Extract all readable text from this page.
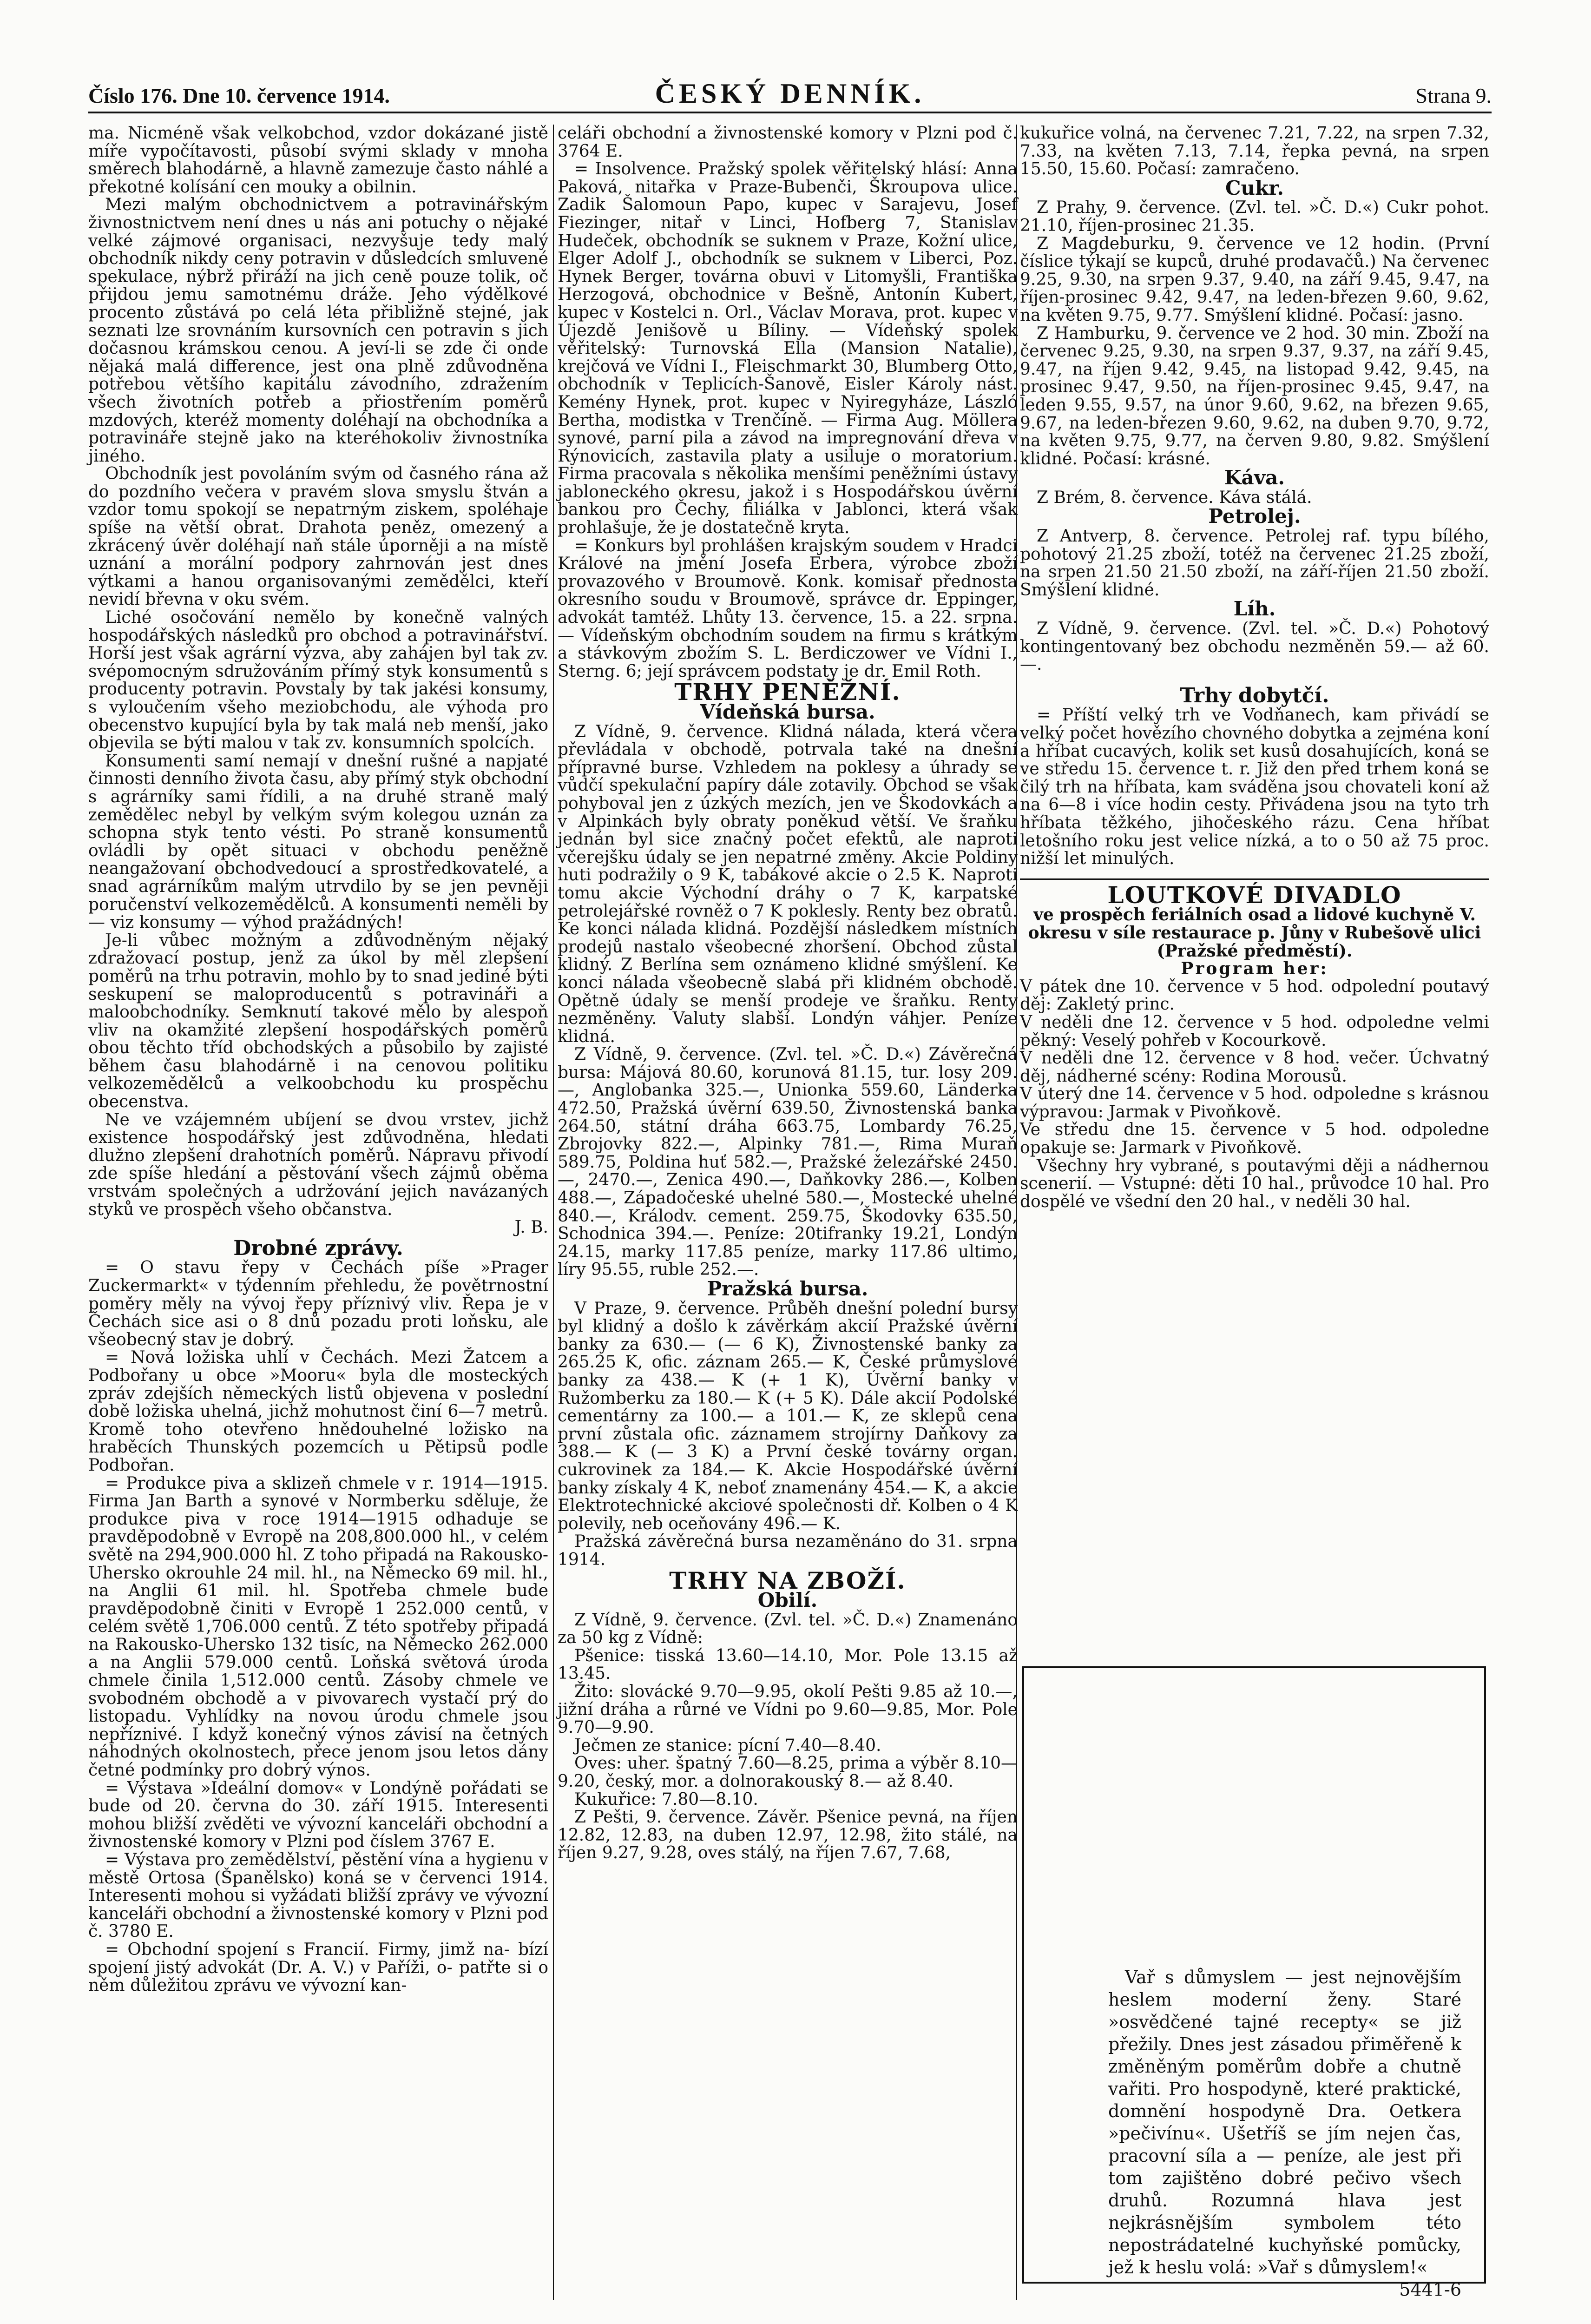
Číslo 176. Dne 10. července 1914.	ČESKÝ DENNÍK.	Strana 9.

ma. Nicméně však velkobchod, vzdor dokázané jistě míře vypočítavosti, působí svými sklady v mnoha směrech blahodárně, a hlavně zamezuje často náhlé a překotné kolísání cen mouky a obilnin.

Mezi malým obchodnictvem a potravinářským živnostnictvem není dnes u nás ani potuchy o nějaké velké zájmové organisaci, nezvyšuje tedy malý obchodník nikdy ceny potravin v důsledcích smluvené spekulace, nýbrž přiráží na jich ceně pouze tolik, oč přijdou jemu samotnému dráže. Jeho výdělkové procento zůstává po celá léta přibližně stejné, jak seznati lze srovnáním kursovních cen potravin s jich dočasnou krámskou cenou. A jeví-li se zde či onde nějaká malá difference, jest ona plně zdůvodněna potřebou většího kapitálu závodního, zdražením všech životních potřeb a přiostřením poměrů mzdových, kteréž momenty doléhají na obchodníka a potravináře stejně jako na kteréhokoliv živnostníka jiného.

Obchodník jest povoláním svým od časného rána až do pozdního večera v pravém slova smyslu štván a vzdor tomu spokojí se nepatrným ziskem, spoléhaje spíše na větší obrat. Drahota peněz, omezený a zkrácený úvěr doléhají naň stále úporněji a na místě uznání a morální podpory zahrnován jest dnes výtkami a hanou organisovanými zemědělci, kteří nevidí břevna v oku svém.

Liché osočování nemělo by konečně valných hospodářských následků pro obchod a potravinářství. Horší jest však agrární výzva, aby zahájen byl tak zv. svépomocným sdružováním přímý styk konsumentů s producenty potravin. Povstaly by tak jakési konsumy, s vyloučením všeho meziobchodu, ale výhoda pro obecenstvo kupující byla by tak malá neb menší, jako objevila se býti malou v tak zv. konsumních spolcích.

Konsumenti samí nemají v dnešní rušné a napjaté činnosti denního života času, aby přímý styk obchodní s agrárníky sami řídili, a na druhé straně malý zemědělec nebyl by velkým svým kolegou uznán za schopna styk tento vésti. Po straně konsumentů ovládli by opět situaci v obchodu peněžně neangažovaní obchodvedoucí a sprostředkovatelé, a snad agrárníkům malým utrvdilo by se jen pevněji poručenství velkozemědělců. A konsumenti neměli by — viz konsumy — výhod pražádných!

Je-li vůbec možným a zdůvodněným nějaký zdražovací postup, jenž za úkol by měl zlepšení poměrů na trhu potravin, mohlo by to snad jediné býti seskupení se maloproducentů s potravináři a maloobchodníky. Semknutí takové mělo by alespoň vliv na okamžité zlepšení hospodářských poměrů obou těchto tříd obchodských a působilo by zajisté během času blahodárně i na cenovou politiku velkozemědělců a velkoobchodu ku prospěchu obecenstva.

Ne ve vzájemném ubíjení se dvou vrstev, jichž existence hospodářský jest zdůvodněna, hledati dlužno zlepšení drahotních poměrů. Nápravu přivodí zde spíše hledání a pěstování všech zájmů oběma vrstvám společných a udržování jejich navázaných styků ve prospěch všeho občanstva.

J. B.
Drobné zprávy.

= O stavu řepy v Čechách píše »Prager Zuckermarkt« v týdenním přehledu, že povětrnostní poměry měly na vývoj řepy příznivý vliv. Řepa je v Čechách sice asi o 8 dnů pozadu proti loňsku, ale všeobecný stav je dobrý.

= Nová ložiska uhlí v Čechách. Mezi Žatcem a Podbořany u obce »Mooru« byla dle mosteckých zpráv zdejších německých listů objevena v poslední době ložiska uhelná, jichž mohutnost činí 6—7 metrů. Kromě toho otevřeno hnědouhelné ložisko na hraběcích Thunských pozemcích u Pětipsů podle Podbořan.

= Produkce piva a sklizeň chmele v r. 1914—1915. Firma Jan Barth a synové v Normberku sděluje, že produkce piva v roce 1914—1915 odhaduje se pravděpodobně v Evropě na 208,800.000 hl., v celém světě na 294,900.000 hl. Z toho připadá na Rakousko-Uhersko okrouhle 24 mil. hl., na Německo 69 mil. hl., na Anglii 61 mil. hl. Spotřeba chmele bude pravděpodobně činiti v Evropě 1 252.000 centů, v celém světě 1,706.000 centů. Z této spotřeby připadá na Rakousko-Uhersko 132 tisíc, na Německo 262.000 a na Anglii 579.000 centů. Loňská světová úroda chmele činila 1,512.000 centů. Zásoby chmele ve svobodném obchodě a v pivovarech vystačí prý do listopadu. Vyhlídky na novou úrodu chmele jsou nepříznivé. I když konečný výnos závisí na četných náhodných okolnostech, přece jenom jsou letos dány četné podmínky pro dobrý výnos.

= Výstava »Ideální domov« v Londýně pořádati se bude od 20. června do 30. září 1915. Interesenti mohou bližší zvěděti ve vývozní kanceláři obchodní a živnostenské komory v Plzni pod číslem 3767 E.

= Výstava pro zemědělství, pěstění vína a hygienu v městě Ortosa (Španělsko) koná se v červenci 1914. Interesenti mohou si vyžádati bližší zprávy ve vývozní kanceláři obchodní a živnostenské komory v Plzni pod č. 3780 E.

= Obchodní spojení s Francií. Firmy, jimž na- bízí spojení jistý advokát (Dr. A. V.) v Paříži, o- patřte si o něm důležitou zprávu ve vývozní kan-

celáři obchodní a živnostenské komory v Plzni pod č. 3764 E.

= Insolvence. Pražský spolek věřitelský hlásí: Anna Paková, nitařka v Praze-Bubenči, Škroupova ulice. Zadik Šalomoun Papo, kupec v Sarajevu, Josef Fiezinger, nitař v Linci, Hofberg 7, Stanislav Hudeček, obchodník se suknem v Praze, Kožní ulice, Elger Adolf J., obchodník se suknem v Liberci, Poz. Hynek Berger, továrna obuvi v Litomyšli, Františka Herzogová, obchodnice v Bešně, Antonín Kubert, kupec v Kostelci n. Orl., Václav Morava, prot. kupec v Újezdě Jenišově u Bíliny. — Vídeňský spolek věřitelský: Turnovská Ella (Mansion Natalie), krejčová ve Vídni I., Fleischmarkt 30, Blumberg Otto, obchodník v Teplicích-Šanově, Eisler Károly nást. Kemény Hynek, prot. kupec v Nyiregyháze, László Bertha, modistka v Trenčíně. — Firma Aug. Möllera synové, parní pila a závod na impregnování dřeva v Rýnovicích, zastavila platy a usiluje o moratorium. Firma pracovala s několika menšími peněžními ústavy jabloneckého okresu, jakož i s Hospodářskou úvěrní bankou pro Čechy, filiálka v Jablonci, která však prohlašuje, že je dostatečně kryta.

= Konkurs byl prohlášen krajským soudem v Hradci Králové na jmění Josefa Erbera, výrobce zboží provazového v Broumově. Konk. komisař přednosta okresního soudu v Broumově, správce dr. Eppinger, advokát tamtéž. Lhůty 13. července, 15. a 22. srpna. — Vídeňským obchodním soudem na firmu s krátkým a stávkovým zbožím S. L. Berdiczower ve Vídni I., Sterng. 6; její správcem podstaty je dr. Emil Roth.

TRHY PENĚŽNÍ.
Vídeňská bursa.

Z Vídně, 9. července. Klidná nálada, která včera převládala v obchodě, potrvala také na dnešní přípravné burse. Vzhledem na poklesy a úhrady se vůdčí spekulační papíry dále zotavily. Obchod se však pohyboval jen z úzkých mezích, jen ve Škodovkách a v Alpinkách byly obraty poněkud větší. Ve šraňku jednán byl sice značný počet efektů, ale naproti včerejšku údaly se jen nepatrné změny. Akcie Poldiny huti podražily o 9 K, tabákové akcie o 2.5 K. Naproti tomu akcie Východní dráhy o 7 K, karpatské petrolejářské rovněž o 7 K poklesly. Renty bez obratů. Ke konci nálada klidná. Pozdější následkem místních prodejů nastalo všeobecné zhoršení. Obchod zůstal klidný. Z Berlína sem oznámeno klidné smýšlení. Ke konci nálada všeobecně slabá při klidném obchodě. Opětně údaly se menší prodeje ve šraňku. Renty nezměněny. Valuty slabší. Londýn váhjer. Peníze klidná.

Z Vídně, 9. července. (Zvl. tel. »Č. D.«) Závěrečná bursa: Májová 80.60, korunová 81.15, tur. losy 209.—, Anglobanka 325.—, Unionka 559.60, Länderka 472.50, Pražská úvěrní 639.50, Živnostenská banka 264.50, státní dráha 663.75, Lombardy 76.25, Zbrojovky 822.—, Alpinky 781.—, Rima Muraň 589.75, Poldina huť 582.—, Pražské železářské 2450.—, 2470.—, Zenica 490.—, Daňkovky 286.—, Kolben 488.—, Západočeské uhelné 580.—, Mostecké uhelné 840.—, Králodv. cement. 259.75, Škodovky 635.50, Schodnica 394.—. Peníze: 20tifranky 19.21, Londýn 24.15, marky 117.85 peníze, marky 117.86 ultimo, líry 95.55, ruble 252.—.

Pražská bursa.

V Praze, 9. července. Průběh dnešní polední bursy byl klidný a došlo k závěrkám akcií Pražské úvěrní banky za 630.— (— 6 K), Živnostenské banky za 265.25 K, ofic. záznam 265.— K, České průmyslové banky za 438.— K (+ 1 K), Úvěrní banky v Ružomberku za 180.— K (+ 5 K). Dále akcií Podolské cementárny za 100.— a 101.— K, ze sklepů cena první zůstala ofic. záznamem strojírny Daňkovy za 388.— K (— 3 K) a První české továrny organ. cukrovinek za 184.— K. Akcie Hospodářské úvěrní banky získaly 4 K, neboť znamenány 454.— K, a akcie Elektrotechnické akciové společnosti dř. Kolben o 4 K polevily, neb oceňovány 496.— K.

Pražská závěrečná bursa nezaměnáno do 31. srpna 1914.

TRHY NA ZBOŽÍ.
Obilí.

Z Vídně, 9. července. (Zvl. tel. »Č. D.«) Znamenáno za 50 kg z Vídně:

Pšenice: tisská 13.60—14.10, Mor. Pole 13.15 až 13.45.

Žito: slovácké 9.70—9.95, okolí Pešti 9.85 až 10.—, jižní dráha a růrné ve Vídni po 9.60—9.85, Mor. Pole 9.70—9.90.

Ječmen ze stanice: pícní 7.40—8.40.

Oves: uher. špatný 7.60—8.25, prima a výběr 8.10—9.20, český, mor. a dolnorakouský 8.— až 8.40.

Kukuřice: 7.80—8.10.

Z Pešti, 9. července. Závěr. Pšenice pevná, na říjen 12.82, 12.83, na duben 12.97, 12.98, žito stálé, na říjen 9.27, 9.28, oves stálý, na říjen 7.67, 7.68,

kukuřice volná, na červenec 7.21, 7.22, na srpen 7.32, 7.33, na květen 7.13, 7.14, řepka pevná, na srpen 15.50, 15.60. Počasí: zamračeno.

Cukr.

Z Prahy, 9. července. (Zvl. tel. »Č. D.«) Cukr pohot. 21.10, říjen-prosinec 21.35.

Z Magdeburku, 9. července ve 12 hodin. (První číslice týkají se kupců, druhé prodavačů.) Na červenec 9.25, 9.30, na srpen 9.37, 9.40, na září 9.45, 9.47, na říjen-prosinec 9.42, 9.47, na leden-březen 9.60, 9.62, na květen 9.75, 9.77. Smýšlení klidné. Počasí: jasno.

Z Hamburku, 9. července ve 2 hod. 30 min. Zboží na červenec 9.25, 9.30, na srpen 9.37, 9.37, na září 9.45, 9.47, na říjen 9.42, 9.45, na listopad 9.42, 9.45, na prosinec 9.47, 9.50, na říjen-prosinec 9.45, 9.47, na leden 9.55, 9.57, na únor 9.60, 9.62, na březen 9.65, 9.67, na leden-březen 9.60, 9.62, na duben 9.70, 9.72, na květen 9.75, 9.77, na červen 9.80, 9.82. Smýšlení klidné. Počasí: krásné.

Káva.

Z Brém, 8. července. Káva stálá.

Petrolej.

Z Antverp, 8. července. Petrolej raf. typu bílého, pohotový 21.25 zboží, totéž na červenec 21.25 zboží, na srpen 21.50 21.50 zboží, na září-říjen 21.50 zboží. Smýšlení klidné.

Líh.

Z Vídně, 9. července. (Zvl. tel. »Č. D.«) Pohotový kontingentovaný bez obchodu nezměněn 59.— až 60.—.

Trhy dobytčí.

= Příští velký trh ve Vodňanech, kam přivádí se velký počet hovězího chovného dobytka a zejména koní a hříbat cucavých, kolik set kusů dosahujících, koná se ve středu 15. července t. r. Již den před trhem koná se čilý trh na hříbata, kam sváděna jsou chovateli koní až na 6—8 i více hodin cesty. Přivádena jsou na tyto trh hříbata těžkého, jihočeského rázu. Cena hříbat letošního roku jest velice nízká, a to o 50 až 75 proc. nižší let minulých.

LOUTKOVÉ DIVADLO
ve prospěch feriálních osad a lidové kuchyně V. okresu v síle restaurace p. Jůny v Rubešově ulici (Pražské předměstí).
Program her:

V pátek dne 10. července v 5 hod. odpolední poutavý děj: Zakletý princ.

V neděli dne 12. července v 5 hod. odpoledne velmi pěkný: Veselý pohřeb v Kocourkově.

V neděli dne 12. července v 8 hod. večer. Úchvatný děj, nádherné scény: Rodina Morousů.

V úterý dne 14. července v 5 hod. odpoledne s krásnou výpravou: Jarmak v Pivoňkově.

Ve středu dne 15. července v 5 hod. odpoledne opakuje se: Jarmark v Pivoňkově.

Všechny hry vybrané, s poutavými ději a nádhernou scenerií. — Vstupné: děti 10 hal., průvodce 10 hal. Pro dospělé ve všední den 20 hal., v neděli 30 hal.

Vař s důmyslem — jest nejnovějším heslem moderní ženy. Staré »osvědčené tajné recepty« se již přežily. Dnes jest zásadou přiměřeně k změněným poměrům dobře a chutně vařiti. Pro hospodyně, které praktické, domnění hospodyně Dra. Oetkera »pečivínu«. Ušetříš se jím nejen čas, pracovní síla a — peníze, ale jest při tom zajištěno dobré pečivo všech druhů. Rozumná hlava jest nejkrásnějším symbolem této nepostrádatelné kuchyňské pomůcky, jež k heslu volá: »Vař s důmyslem!«

5441-6
